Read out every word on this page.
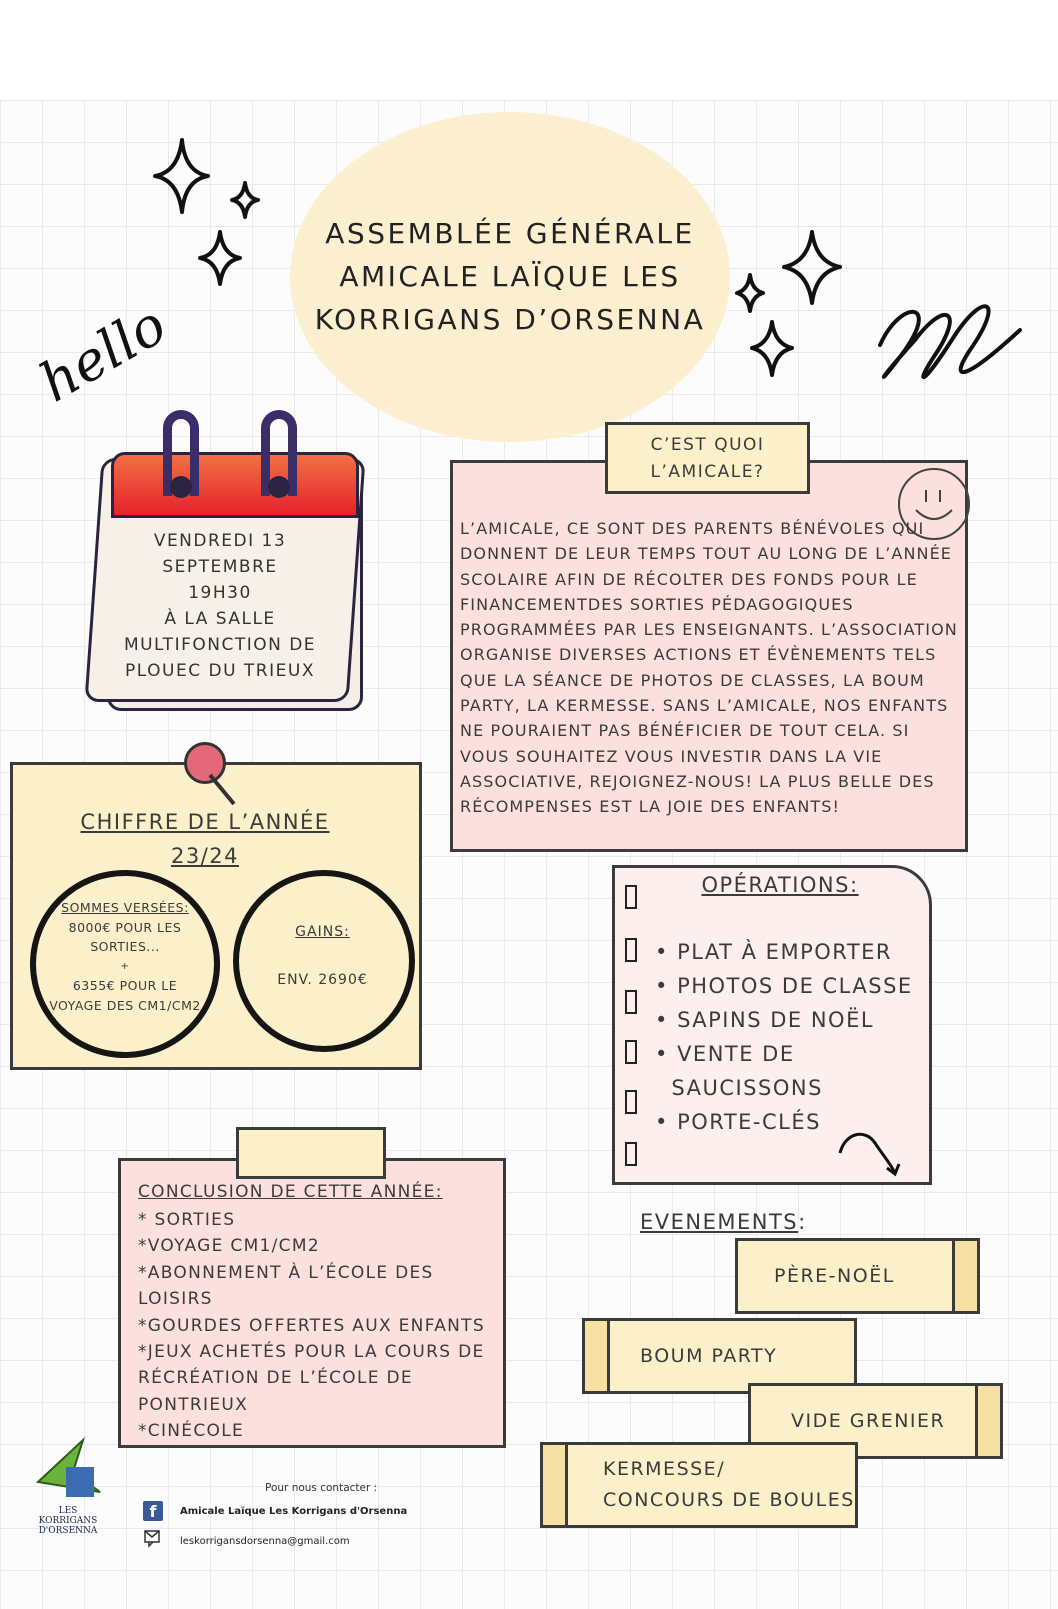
hello
ASSEMBLÉE GÉNÉRALE
AMICALE LAÏQUE LES
KORRIGANS D’ORSENNA
VENDREDI 13 SEPTEMBRE
19H30
À LA SALLE
MULTIFONCTION DE
PLOUEC DU TRIEUX
C’EST QUOI
L’AMICALE?
L’AMICALE, CE SONT DES PARENTS BÉNÉVOLES QUI DONNENT DE LEUR TEMPS TOUT AU LONG DE L’ANNÉE SCOLAIRE AFIN DE RÉCOLTER DES FONDS POUR LE FINANCEMENTDES SORTIES PÉDAGOGIQUES PROGRAMMÉES PAR LES ENSEIGNANTS. L’ASSOCIATION ORGANISE DIVERSES ACTIONS ET ÉVÈNEMENTS TELS QUE LA SÉANCE DE PHOTOS DE CLASSES, LA BOUM PARTY, LA KERMESSE. SANS L’AMICALE, NOS ENFANTS NE POURAIENT PAS BÉNÉFICIER DE TOUT CELA. SI VOUS SOUHAITEZ VOUS INVESTIR DANS LA VIE ASSOCIATIVE, REJOIGNEZ-NOUS! LA PLUS BELLE DES RÉCOMPENSES EST LA JOIE DES ENFANTS!
CHIFFRE DE L’ANNÉE
23/24
SOMMES VERSÉES:
8000€ POUR LES
SORTIES...
+
6355€ POUR LE
VOYAGE DES CM1/CM2
GAINS:
ENV. 2690€
OPÉRATIONS:
• PLAT À EMPORTER
• PHOTOS DE CLASSE
• SAPINS DE NOËL
• VENTE DE
SAUCISSONS
• PORTE-CLÉS
CONCLUSION DE CETTE ANNÉE:
* SORTIES
*VOYAGE CM1/CM2
*ABONNEMENT À L’ÉCOLE DES
LOISIRS
*GOURDES OFFERTES AUX ENFANTS
*JEUX ACHETÉS POUR LA COURS DE
RÉCRÉATION DE L’ÉCOLE DE
PONTRIEUX
*CINÉCOLE
EVENEMENTS:
PÈRE-NOËL
BOUM PARTY
VIDE GRENIER
KERMESSE/
CONCOURS DE BOULES
LES
KORRIGANS
D'ORSENNA
Pour nous contacter :
f	Amicale Laïque Les Korrigans d'Orsenna
leskorrigansdorsenna@gmail.com
